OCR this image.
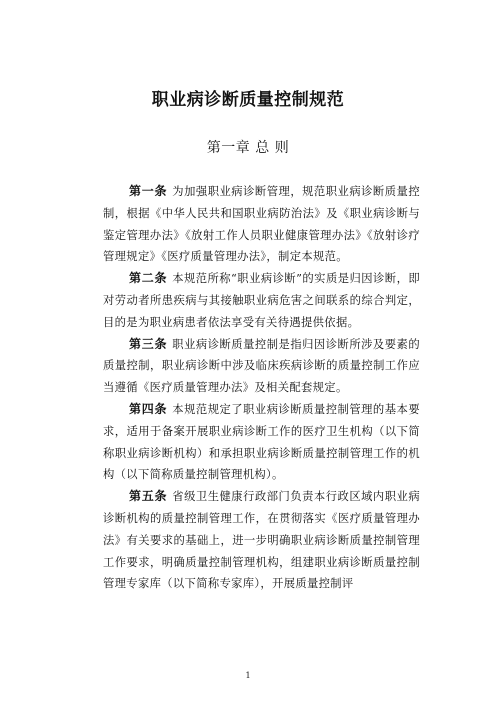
职业病诊断质量控制规范
第一章 总 则

第一条 为加强职业病诊断管理，规范职业病诊断质量控制，根据《中华人民共和国职业病防治法》及《职业病诊断与鉴定管理办法》《放射工作人员职业健康管理办法》《放射诊疗管理规定》《医疗质量管理办法》，制定本规范。

第二条 本规范所称“职业病诊断”的实质是归因诊断，即对劳动者所患疾病与其接触职业病危害之间联系的综合判定，目的是为职业病患者依法享受有关待遇提供依据。

第三条 职业病诊断质量控制是指归因诊断所涉及要素的质量控制，职业病诊断中涉及临床疾病诊断的质量控制工作应当遵循《医疗质量管理办法》及相关配套规定。

第四条 本规范规定了职业病诊断质量控制管理的基本要求，适用于备案开展职业病诊断工作的医疗卫生机构（以下简称职业病诊断机构）和承担职业病诊断质量控制管理工作的机构（以下简称质量控制管理机构）。

第五条 省级卫生健康行政部门负责本行政区域内职业病诊断机构的质量控制管理工作，在贯彻落实《医疗质量管理办法》有关要求的基础上，进一步明确职业病诊断质量控制管理工作要求，明确质量控制管理机构，组建职业病诊断质量控制管理专家库（以下简称专家库），开展质量控制评

1
